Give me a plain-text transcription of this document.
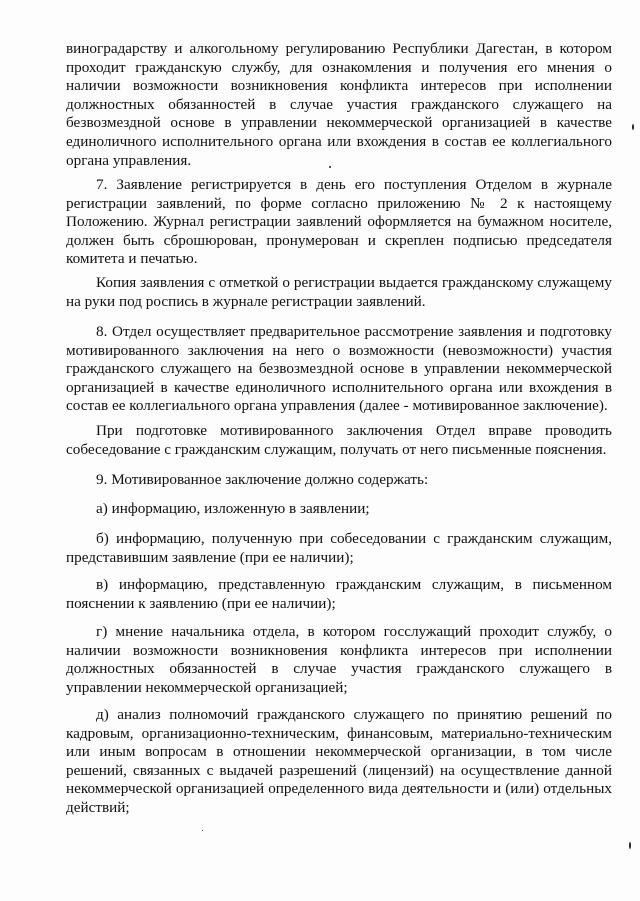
виноградарству и алкогольному регулированию Республики Дагестан, в котором проходит гражданскую службу, для ознакомления и получения его мнения о наличии возможности возникновения конфликта интересов при исполнении должностных обязанностей в случае участия гражданского служащего на безвозмездной основе в управлении некоммерческой организацией в качестве единоличного исполнительного органа или вхождения в состав ее коллегиального органа управления.

7. Заявление регистрируется в день его поступления Отделом в журнале регистрации заявлений, по форме согласно приложению № 2 к настоящему Положению. Журнал регистрации заявлений оформляется на бумажном носителе, должен быть сброшюрован, пронумерован и скреплен подписью председателя комитета и печатью.

Копия заявления с отметкой о регистрации выдается гражданскому служащему на руки под роспись в журнале регистрации заявлений.

8. Отдел осуществляет предварительное рассмотрение заявления и подготовку мотивированного заключения на него о возможности (невозможности) участия гражданского служащего на безвозмездной основе в управлении некоммерческой организацией в качестве единоличного исполнительного органа или вхождения в состав ее коллегиального органа управления (далее - мотивированное заключение).

При подготовке мотивированного заключения Отдел вправе проводить собеседование с гражданским служащим, получать от него письменные пояснения.

9. Мотивированное заключение должно содержать:

а) информацию, изложенную в заявлении;

б) информацию, полученную при собеседовании с гражданским служащим, представившим заявление (при ее наличии);

в) информацию, представленную гражданским служащим, в письменном пояснении к заявлению (при ее наличии);

г) мнение начальника отдела, в котором госслужащий проходит службу, о наличии возможности возникновения конфликта интересов при исполнении должностных обязанностей в случае участия гражданского служащего в управлении некоммерческой организацией;

д) анализ полномочий гражданского служащего по принятию решений по кадровым, организационно-техническим, финансовым, материально-техническим или иным вопросам в отношении некоммерческой организации, в том числе решений, связанных с выдачей разрешений (лицензий) на осуществление данной некоммерческой организацией определенного вида деятельности и (или) отдельных действий;
